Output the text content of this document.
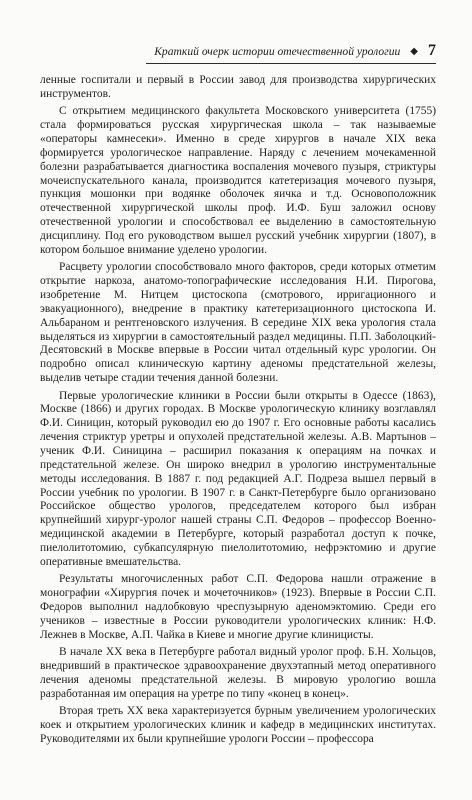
Краткий очерк истории отечественной урологии ◆ 7

ленные госпитали и первый в России завод для производства хирургических инструментов.

С открытием медицинского факультета Московского университета (1755) стала формироваться русская хирургическая школа – так называемые «операторы камнесеки». Именно в среде хирургов в начале XIX века формируется урологическое направление. Наряду с лечением мочекаменной болезни разрабатывается диагностика воспаления мочевого пузыря, стриктуры мочеиспускательного канала, производится катетеризация мочевого пузыря, пункция мошонки при водянке оболочек яичка и т.д. Основоположник отечественной хирургической школы проф. И.Ф. Буш заложил основу отечественной урологии и способствовал ее выделению в самостоятельную дисциплину. Под его руководством вышел русский учебник хирургии (1807), в котором большое внимание уделено урологии.

Расцвету урологии способствовало много факторов, среди которых отметим открытие наркоза, анатомо-топографические исследования Н.И. Пирогова, изобретение М. Нитцем цистоскопа (смотрового, ирригационного и эвакуационного), внедрение в практику катетеризационного цистоскопа И. Альбараном и рентгеновского излучения. В середине XIX века урология стала выделяться из хирургии в самостоятельный раздел медицины. П.П. Заболоцкий-Десятовский в Москве впервые в России читал отдельный курс урологии. Он подробно описал клиническую картину аденомы предстательной железы, выделив четыре стадии течения данной болезни.

Первые урологические клиники в России были открыты в Одессе (1863), Москве (1866) и других городах. В Москве урологическую клинику возглавлял Ф.И. Синицин, который руководил ею до 1907 г. Его основные работы касались лечения стриктур уретры и опухолей предстательной железы. А.В. Мартынов – ученик Ф.И. Синицина – расширил показания к операциям на почках и предстательной железе. Он широко внедрил в урологию инструментальные методы исследования. В 1887 г. под редакцией А.Г. Подреза вышел первый в России учебник по урологии. В 1907 г. в Санкт-Петербурге было организовано Российское общество урологов, председателем которого был избран крупнейший хирург-уролог нашей страны С.П. Федоров – профессор Военно-медицинской академии в Петербурге, который разработал доступ к почке, пиелолитотомию, субкапсулярную пиелолитотомию, нефрэктомию и другие оперативные вмешательства.

Результаты многочисленных работ С.П. Федорова нашли отражение в монографии «Хирургия почек и мочеточников» (1923). Впервые в России С.П. Федоров выполнил надлобковую чреспузырную аденомэктомию. Среди его учеников – известные в России руководители урологических клиник: Н.Ф. Лежнев в Москве, А.П. Чайка в Киеве и многие другие клиницисты.

В начале XX века в Петербурге работал видный уролог проф. Б.Н. Хольцов, внедривший в практическое здравоохранение двухэтапный метод оперативного лечения аденомы предстательной железы. В мировую урологию вошла разработанная им операция на уретре по типу «конец в конец».

Вторая треть XX века характеризуется бурным увеличением урологических коек и открытием урологических клиник и кафедр в медицинских институтах. Руководителями их были крупнейшие урологи России – профессора
